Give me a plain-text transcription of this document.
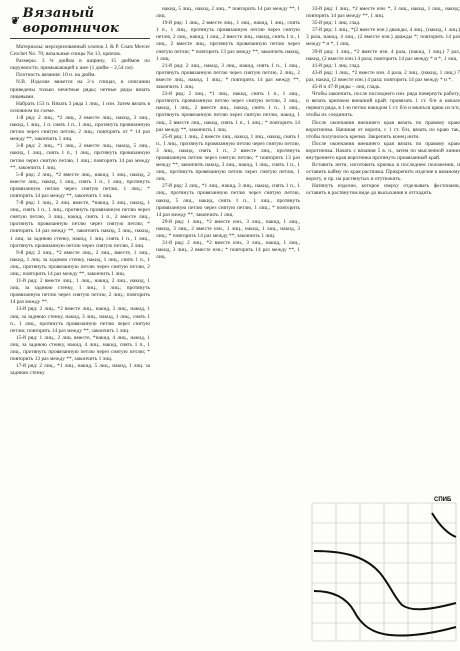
❦ Вязаный воротничок

Материалы: мерсеризованный хлопок J. & P. Coats Mercer Crochet No. 70; вязальные спицы No 13, крючок.

Размеры. 3 ¾ дюйма в ширину, 15 дюймов по окружности, примыкающей к шее (1 дюйм – 2,54 см).

Плотность вязания: 10 п. на дюйм.

N.B. Изделие вяжется на 2-х спицах, в описании приведены только нечетные ряды; четные ряды вязать лицевыми.

Набрать 153 п. Вязать 3 ряда 1 лиц., 1 изн. Затем вязать в основном по схеме.

1-й ряд: 2 лиц., *2 лиц., 2 вместе лиц., накид, 3 лиц., накид, 1 лиц., 1 п. снять 1 п., 1 лиц., протянуть провязанную петлю через снятую петлю, 2 лиц.; повторить от * 14 раз между **, закончить 1 лиц.

3-й ряд: 2 лиц., *1 лиц., 2 вместе лиц., накид, 5 лиц., накид, 1 лиц., снять 1 п., 1 лиц., протянуть провязанную петлю через снятую петлю, 1 лиц.; повторить 14 раз между **, закончить 1 лиц.

5-й ряд: 2 лиц., *2 вместе лиц., накид, 1 лиц., накид, 2 вместе лиц., накид, 1 лиц., снять 1 п., 1 лиц., протянуть провязанную петлю через снятую петлю, 1 лиц.; * повторить 14 раз между **, закончить 1 лиц.

7-й ряд: 1 лиц., 2 лиц. вместе, *накид, 3 лиц., накид, 1 лиц., снять 1 п., 1 лиц., протянуть провязанную петлю через снятую петлю, 3 лиц., накид, снять 1 п., 2 вместе лиц., протянуть провязанную петлю через снятую петлю; * повторить 14 раз между **, закончить накид, 3 лиц., накид, 1 лиц. за заднюю стенку, накид, 1 лиц. снять 1 п., 1 лиц., протянуть провязанную петлю через снятую петлю, 2 лиц.

9-й ряд: 2 лиц., *2 вместе лиц., 2 лиц., вместе, 1 лиц., накид, 1 лиц. за заднюю стенку, накид, 1 лиц., снять 1 п., 1 лиц., протянуть провязанную петлю через снятую петлю, 2 лиц.; повторить 14 раз между **, закончить 1 лиц.

11-й ряд: 2 вместе лиц., 1 лиц., накид, 2 лиц., накид, 1 лиц. за заднюю стенку, 1 лиц., 1 лиц.; протянуть провязанную петлю через снятую петлю, 2 лиц.; повторить 14 раз между **.

13-й ряд: 2 лиц., *2 вместе лиц., накид, 3 лиц., накид, 1 лиц. за заднюю стенку, накид, 3 лиц., накид, 1 лиц., снять 1 п., 1 лиц., протянуть провязанную петлю через снятую петлю; повторить 14 раз между **, закончить 1 лиц.

15-й ряд: 1 лиц., 2 лиц. вместе, *накид, 4 лиц., накид, 1 лиц. за заднюю стенку, накид, 4 лиц., накид, снять 1 п., 1 лиц., протянуть провязанную петлю через снятую петлю; * повторить 13 раз между **, закончить 1 лиц.

17-й ряд: 2 лиц., *1 лиц., накид, 5 лиц., накид, 1 лиц. за заднюю стенку

накид, 5 лиц., накид, 2 лиц., * повторить 14 раз между **, 1 лиц.

19-й ряд: 1 лиц., 2 вместе лиц., 1 лиц., накид, 1 лиц., снять 1 п., 1 лиц., протянуть провязанную петлю через снятую петлю, 2 лиц., накид, 1 лиц., 2 вместе лиц., накид, снять 1 п., 1 лиц., 2 вместе лиц., протянуть провязанную петлю через снятую петлю; * повторить 13 раз между **, закончить накид, 1 лиц.

21-й ряд: 2 лиц., накид, 3 лиц., накид, снять 1 п., 1 лиц., протянуть провязанную петлю через снятую петлю, 2 лиц., 2 вместе лиц., накид, 1 лиц.; * повторить 14 раз между **, закончить 1 лиц.

23-й ряд: 2 лиц., *1 лиц., накид, снять 1 п., 1 лиц., протянуть провязанную петлю через снятую петлю, 2 лиц., накид, 1 лиц., 2 вместе лиц., накид, снять 1 п., 1 лиц., протянуть провязанную петлю через снятую петлю, накид, 1 лиц., 2 вместе лиц., накид, снять 1 п., 1 лиц.; * повторить 14 раз между **, закончить 1 лиц.

25-й ряд: 1 лиц., 2 вместе лиц., накид, 1 лиц., накид, снять 1 п., 1 лиц., протянуть провязанную петлю через снятую петлю, 3 лиц., накид, снять 1 п., 2 вместе лиц., протянуть провязанную петлю через снятую петлю; * повторить 13 раз между **, закончить накид, 3 лиц., накид, 1 лиц., снять 1 п., 1 лиц., протянуть провязанную петлю через снятую петлю, 1 лиц.

27-й ряд: 2 лиц., *1 лиц., накид, 3 лиц., накид, снять 1 п., 1 лиц., протянуть провязанную петлю через снятую петлю, накид, 5 лиц., накид, снять 1 п., 1 лиц., протянуть провязанную петлю через снятую петлю, 1 лиц.; * повторить 14 раз между **, закончить 1 лиц.

29-й ряд: 1 лиц., *2 вместе изн., 3 лиц., накид, 1 лиц., накид, 3 лиц., 2 вместе изн., 1 лиц., накид, 1 лиц., накид, 3 лиц.; * повторить 14 раз между **, закончить 1 лиц.

31-й ряд: 2 лиц., *2 вместе изн., 3 лиц., накид, 1 лиц., накид, 3 лиц., 2 вместе изн.; * повторить 14 раз между **, 1 лиц.

33-й ряд: 1 лиц., *2 вместе изн. *, 3 лиц., накид, 1 лиц., накид; повторить 14 раз между **, 1 лиц.

35-й ряд: 1 лиц. глад.

37-й ряд: 1 лиц., *(2 вместе изн.) дважды, 4 лиц., (накид, 1 лиц.) 3 раза, накид, 4 лиц., (2 вместе изн.) дважды *; повторить 14 раз между * и *, 1 лиц.

39-й ряд: 1 лиц., *2 вместе изн. 4 раза, (накид, 1 лиц.) 7 раз, накид, (2 вместе изн.) 4 раза; повторить 14 раз между * и *, 1 лиц.

41-й ряд: 1 лиц. глад.

43-й ряд: 1 лиц., *2 вместе изн. 4 раза, 2 лиц., (накид, 1 лиц.) 7 раз, накид, (2 вместе изн.) 4 раза; повторить 14 раз между * и *.

45-й и 47-й ряды – лиц. гладь.

Чтобы закончить, после последнего изн. ряда повернуть работу, и вязать крючком внешний край: провязать 1 ст. б/н в начале первого ряда, в 1-ю петлю накидом 1 ст. б/н и вжаться крюк из п/п, чтобы их соединить.

После окончания внешнего края вязать по правому краю воротничка. Начиная от ворота, с 1 ст. б/н, вязать по краю так, чтобы получилось крепко. Закрепить конец нити.

После окончания внешнего края вязать по правому краю воротничка. Начать с вязания 5 в. п., затем по мысленной линии внутреннего края воротника протянуть провязанный край.

Вставить нити, изготовить крючка в последнем положении, и оставить кайму по края растяжка. Прикрепить изделие к вязаному вороту, и пр. на растянутых и отутюжить.

Натянуть изделие, которое сверху отделывать фестонами, оставить в растянутом виде до высыхания и отгладить.

СПИБ
